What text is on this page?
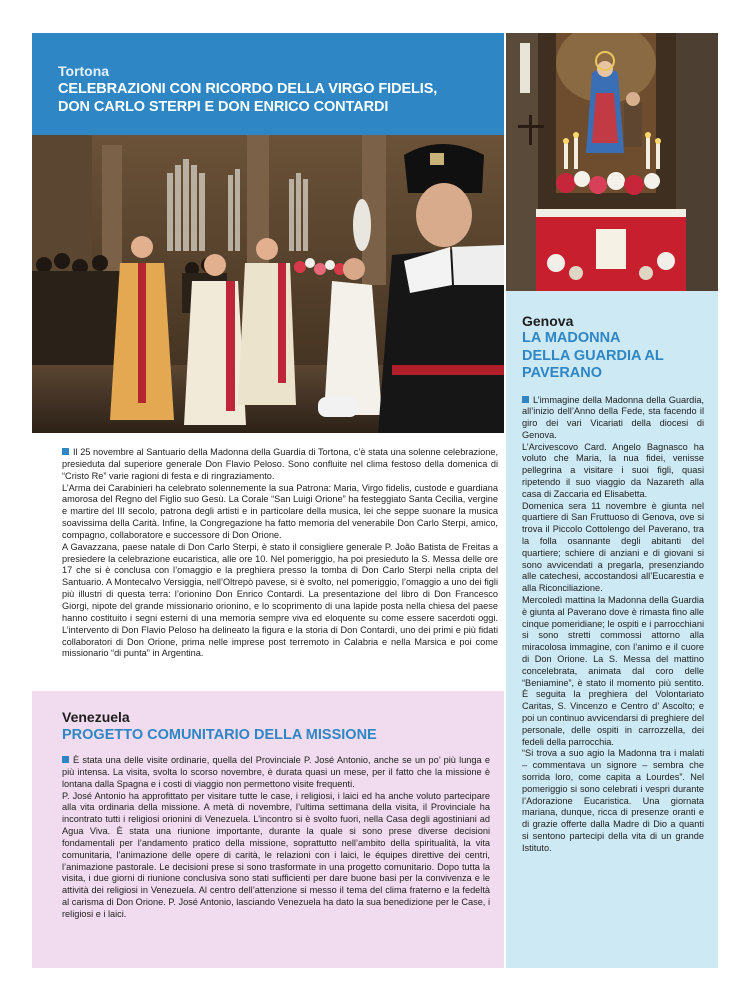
Tortona
CELEBRAZIONI CON RICORDO DELLA VIRGO FIDELIS,
DON CARLO STERPI E DON ENRICO CONTARDI

Il 25 novembre al Santuario della Madonna della Guardia di Tortona, c’è stata una solenne celebrazione, presieduta dal superiore generale Don Flavio Peloso. Sono confluite nel clima festoso della domenica di “Cristo Re” varie ragioni di festa e di ringraziamento.

L’Arma dei Carabinieri ha celebrato solennemente la sua Patrona: Maria, Virgo fidelis, custode e guardiana amorosa del Regno del Figlio suo Gesù. La Corale “San Luigi Orione” ha festeggiato Santa Cecilia, vergine e martire del III secolo, patrona degli artisti e in particolare della musica, lei che seppe suonare la musica soavissima della Carità. Infine, la Congregazione ha fatto memoria del venerabile Don Carlo Sterpi, amico, compagno, collaboratore e successore di Don Orione.

A Gavazzana, paese natale di Don Carlo Sterpi, è stato il consigliere generale P. João Batista de Freitas a presiedere la celebrazione eucaristica, alle ore 10. Nel pomeriggio, ha poi presieduto la S. Messa delle ore 17 che si è conclusa con l’omaggio e la preghiera presso la tomba di Don Carlo Sterpi nella cripta del Santuario. A Montecalvo Versiggia, nell’Oltrepò pavese, si è svolto, nel pomeriggio, l’omaggio a uno dei figli più illustri di questa terra: l’orionino Don Enrico Contardi. La presentazione del libro di Don Francesco Giorgi, nipote del grande missionario orionino, e lo scoprimento di una lapide posta nella chiesa del paese hanno costituito i segni esterni di una memoria sempre viva ed eloquente su come essere sacerdoti oggi. L’intervento di Don Flavio Peloso ha delineato la figura e la storia di Don Contardi, uno dei primi e più fidati collaboratori di Don Orione, prima nelle imprese post terremoto in Calabria e nella Marsica e poi come missionario “di punta” in Argentina.

Genova
LA MADONNA
DELLA GUARDIA AL
PAVERANO

L’immagine della Madonna della Guardia, all’inizio dell’Anno della Fede, sta facendo il giro dei vari Vicariati della diocesi di Genova.

L’Arcivescovo Card. Angelo Bagnasco ha voluto che Maria, la nua fidei, venisse pellegrina a visitare i suoi figli, quasi ripetendo il suo viaggio da Nazareth alla casa di Zaccaria ed Elisabetta.

Domenica sera 11 novembre è giunta nel quartiere di San Fruttuoso di Genova, ove si trova il Piccolo Cottolengo del Paverano, tra la folla osannante degli abitanti del quartiere; schiere di anziani e di giovani si sono avvicendati a pregarla, presenziando alle catechesi, accostandosi all’Eucarestia e alla Riconciliazione.

Mercoledì mattina la Madonna della Guardia è giunta al Paverano dove è rimasta fino alle cinque pomeridiane; le ospiti e i parrocchiani si sono stretti commossi attorno alla miracolosa immagine, con l’animo e il cuore di Don Orione. La S. Messa del mattino concelebrata, animata dal coro delle “Beniamine”, è stato il momento più sentito. È seguita la preghiera del Volontariato Caritas, S. Vincenzo e Centro d’ Ascolto; e poi un continuo avvicendarsi di preghiere del personale, delle ospiti in carrozzella, dei fedeli della parrocchia.

“Si trova a suo agio la Madonna tra i malati – commentava un signore – sembra che sorrida loro, come capita a Lourdes”. Nel pomeriggio si sono celebrati i vespri durante l’Adorazione Eucaristica. Una giornata mariana, dunque, ricca di presenze oranti e di grazie offerte dalla Madre di Dio a quanti si sentono partecipi della vita di un grande Istituto.

Venezuela
PROGETTO COMUNITARIO DELLA MISSIONE

È stata una delle visite ordinarie, quella del Provinciale P. José Antonio, anche se un po’ più lunga e più intensa. La visita, svolta lo scorso novembre, è durata quasi un mese, per il fatto che la missione è lontana dalla Spagna e i costi di viaggio non permettono visite frequenti.

P. José Antonio ha approfittato per visitare tutte le case, i religiosi, i laici ed ha anche voluto partecipare alla vita ordinaria della missione. A metà di novembre, l’ultima settimana della visita, il Provinciale ha incontrato tutti i religiosi orionini di Venezuela. L’incontro si è svolto fuori, nella Casa degli agostiniani ad Agua Viva. È stata una riunione importante, durante la quale si sono prese diverse decisioni fondamentali per l’andamento pratico della missione, soprattutto nell’ambito della spiritualità, la vita comunitaria, l’animazione delle opere di carità, le relazioni con i laici, le équipes direttive dei centri, l’animazione pastorale. Le decisioni prese si sono trasformate in una progetto comunitario. Dopo tutta la visita, i due giorni di riunione conclusiva sono stati sufficienti per dare buone basi per la convivenza e le attività dei religiosi in Venezuela. Al centro dell’attenzione si messo il tema del clima fraterno e la fedeltà al carisma di Don Orione. P. José Antonio, lasciando Venezuela ha dato la sua benedizione per le Case, i religiosi e i laici.
